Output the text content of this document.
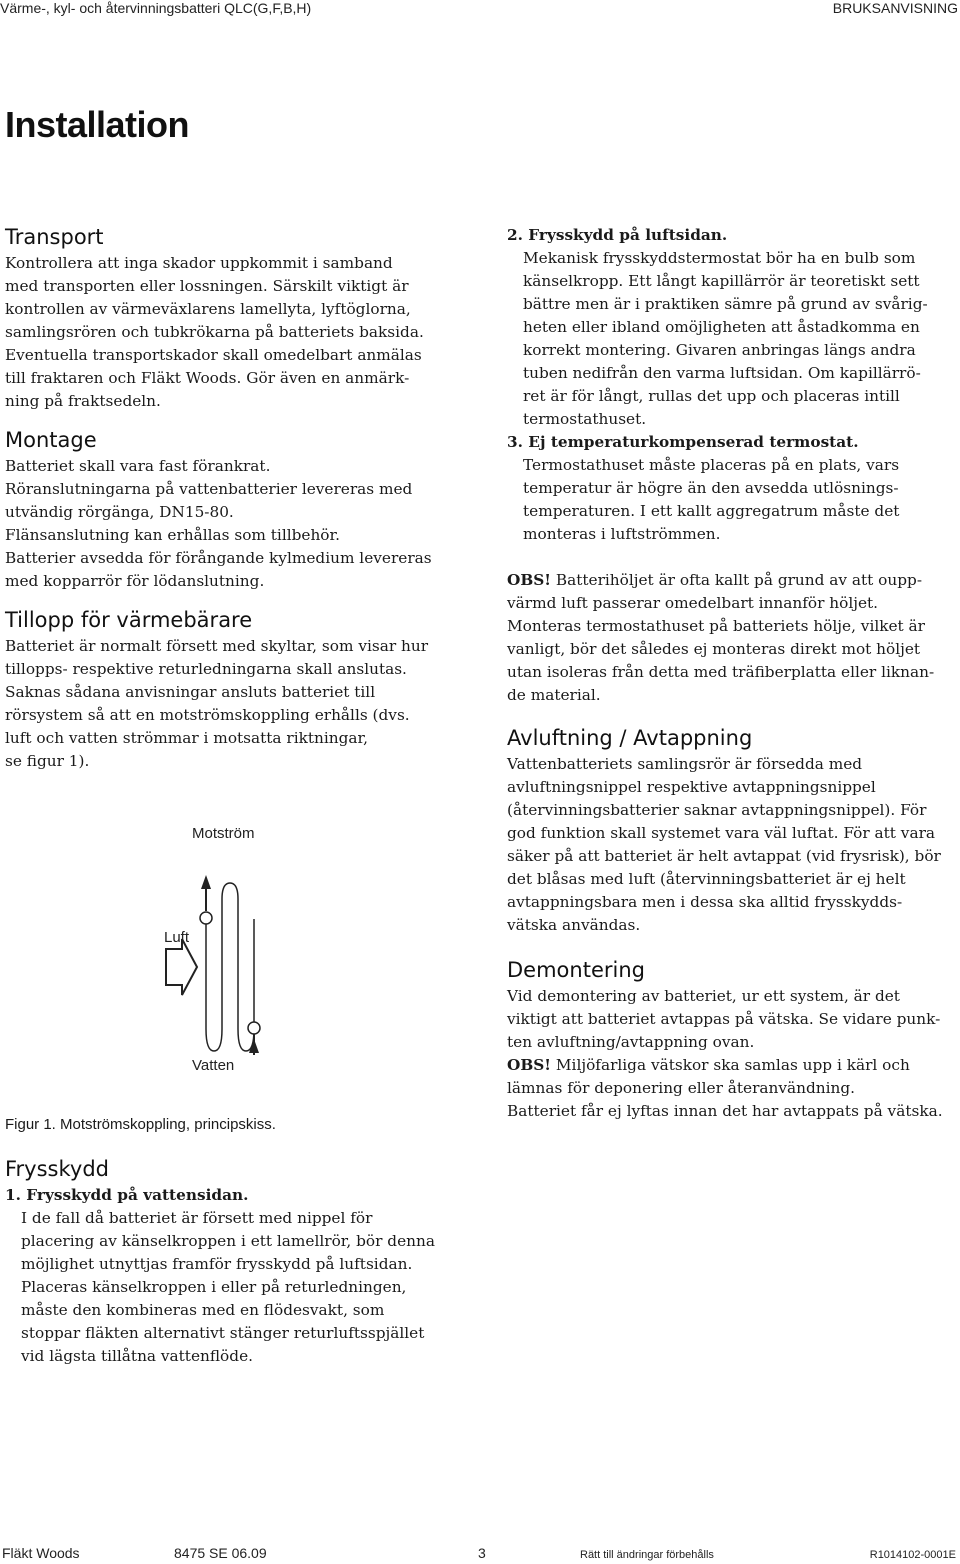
Värme-, kyl- och återvinningsbatteri QLC(G,F,B,H)	BRUKSANVISNING
Installation
Transport

Kontrollera att inga skador uppkommit i samband

med transporten eller lossningen. Särskilt viktigt är

kontrollen av värmeväxlarens lamellyta, lyftöglorna,

samlingsrören och tubkrökarna på batteriets baksida.

Eventuella transportskador skall omedelbart anmälas

till fraktaren och Fläkt Woods. Gör även en anmärk-

ning på fraktsedeln.

Montage

Batteriet skall vara fast förankrat.

Röranslutningarna på vattenbatterier levereras med

utvändig rörgänga, DN15-80.

Flänsanslutning kan erhållas som tillbehör.

Batterier avsedda för förångande kylmedium levereras

med kopparrör för lödanslutning.

Tillopp för värmebärare

Batteriet är normalt försett med skyltar, som visar hur

tillopps- respektive returledningarna skall anslutas.

Saknas sådana anvisningar ansluts batteriet till

rörsystem så att en motströmskoppling erhålls (dvs.

luft och vatten strömmar i motsatta riktningar,

se figur 1).

Motström
Luft
Vatten
Figur 1. Motströmskoppling, principskiss.
Frysskydd

1. Frysskydd på vattensidan.

I de fall då batteriet är försett med nippel för

placering av känselkroppen i ett lamellrör, bör denna

möjlighet utnyttjas framför frysskydd på luftsidan.

Placeras känselkroppen i eller på returledningen,

måste den kombineras med en flödesvakt, som

stoppar fläkten alternativt stänger returluftsspjället

vid lägsta tillåtna vattenflöde.

2. Frysskydd på luftsidan.

Mekanisk frysskyddstermostat bör ha en bulb som

känselkropp. Ett långt kapillärrör är teoretiskt sett

bättre men är i praktiken sämre på grund av svårig-

heten eller ibland omöjligheten att åstadkomma en

korrekt montering. Givaren anbringas längs andra

tuben nedifrån den varma luftsidan. Om kapillärrö-

ret är för långt, rullas det upp och placeras intill

termostathuset.

3. Ej temperaturkompenserad termostat.

Termostathuset måste placeras på en plats, vars

temperatur är högre än den avsedda utlösnings-

temperaturen. I ett kallt aggregatrum måste det

monteras i luftströmmen.

OBS! Batterihöljet är ofta kallt på grund av att oupp-

värmd luft passerar omedelbart innanför höljet.

Monteras termostathuset på batteriets hölje, vilket är

vanligt, bör det således ej monteras direkt mot höljet

utan isoleras från detta med träfiberplatta eller liknan-

de material.

Avluftning / Avtappning

Vattenbatteriets samlingsrör är försedda med

avluftningsnippel respektive avtappningsnippel

(återvinningsbatterier saknar avtappningsnippel). För

god funktion skall systemet vara väl luftat. För att vara

säker på att batteriet är helt avtappat (vid frysrisk), bör

det blåsas med luft (återvinningsbatteriet är ej helt

avtappningsbara men i dessa ska alltid frysskydds-

vätska användas.

Demontering

Vid demontering av batteriet, ur ett system, är det

viktigt att batteriet avtappas på vätska. Se vidare punk-

ten avluftning/avtappning ovan.

OBS! Miljöfarliga vätskor ska samlas upp i kärl och

lämnas för deponering eller återanvändning.

Batteriet får ej lyftas innan det har avtappats på vätska.

Fläkt Woods	8475 SE 06.09	3	Rätt till ändringar förbehålls	R1014102-0001E
